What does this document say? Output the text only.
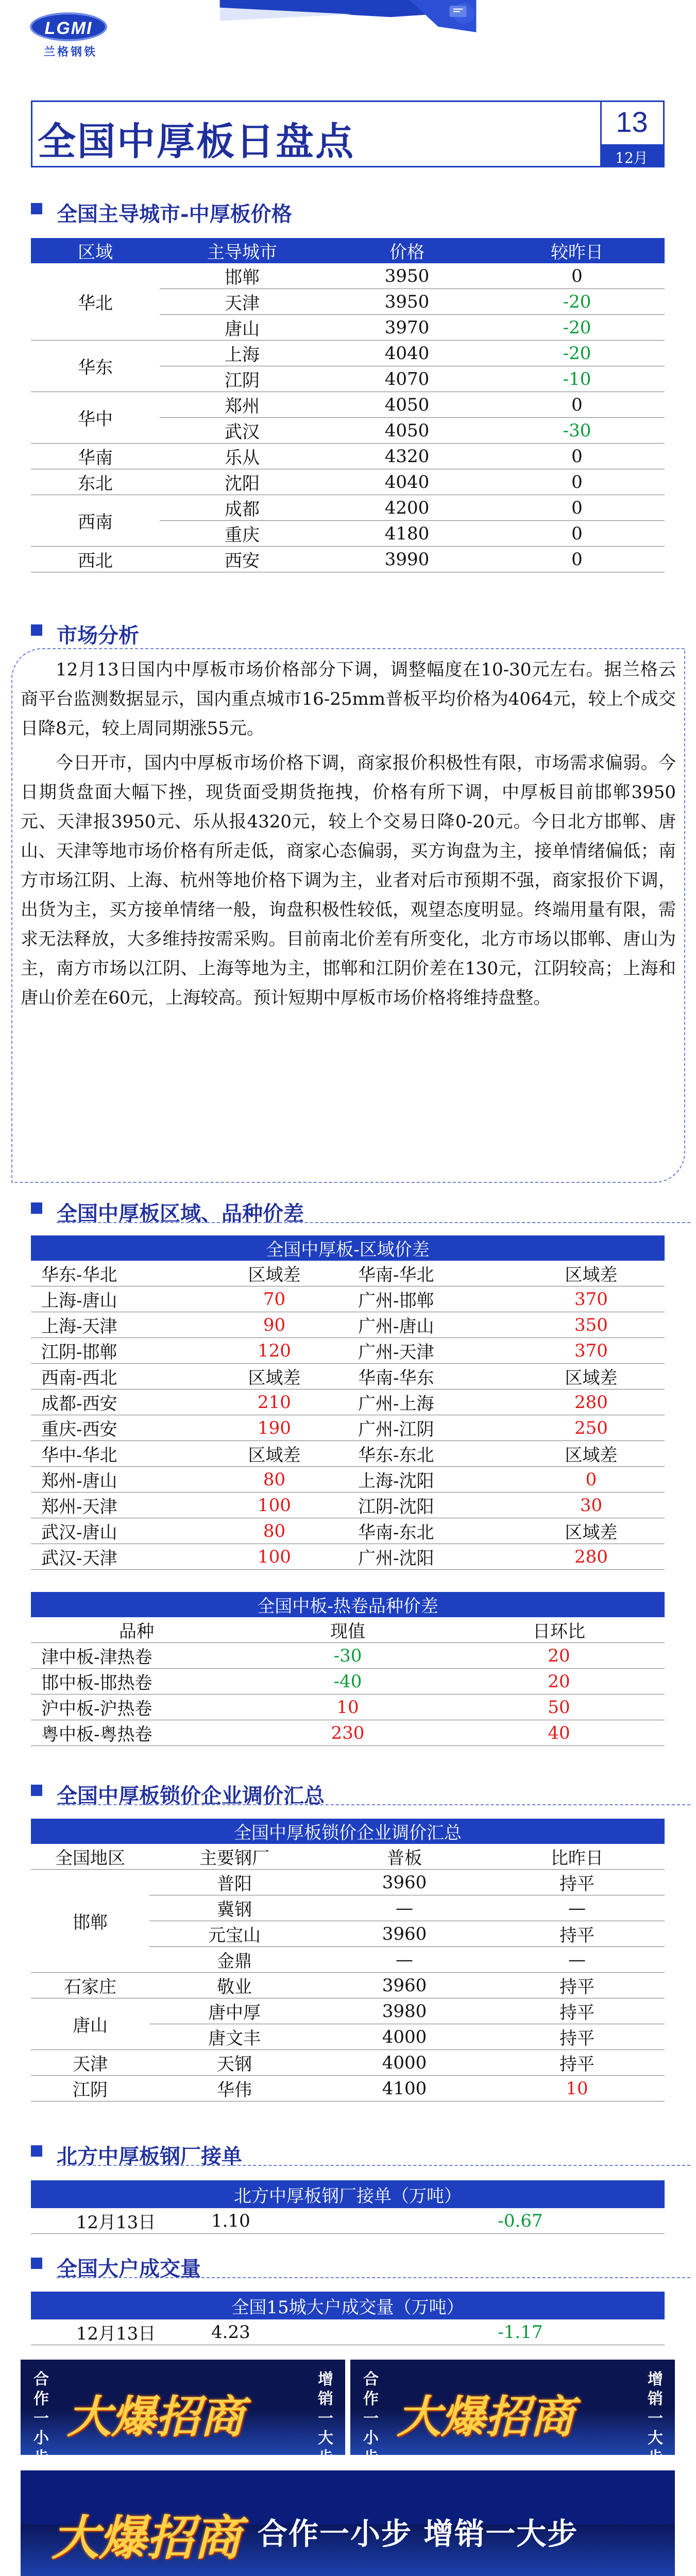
LGMI
兰格钢铁
全国中厚板日盘点	13
12月
全国主导城市-中厚板价格
区域	主导城市	价格	较昨日
华北	邯郸	3950	0
	天津	3950	-20
	唐山	3970	-20
华东	上海	4040	-20
	江阴	4070	-10
华中	郑州	4050	0
	武汉	4050	-30
华南	乐从	4320	0
东北	沈阳	4040	0
西南	成都	4200	0
	重庆	4180	0
西北	西安	3990	0
市场分析

12月13日国内中厚板市场价格部分下调，调整幅度在10-30元左右。据兰格云商平台监测数据显示，国内重点城市16-25mm普板平均价格为4064元，较上个成交日降8元，较上周同期涨55元。

今日开市，国内中厚板市场价格下调，商家报价积极性有限，市场需求偏弱。今日期货盘面大幅下挫，现货面受期货拖拽，价格有所下调，中厚板目前邯郸3950元、天津报3950元、乐从报4320元，较上个交易日降0-20元。今日北方邯郸、唐山、天津等地市场价格有所走低，商家心态偏弱，买方询盘为主，接单情绪偏低；南方市场江阴、上海、杭州等地价格下调为主，业者对后市预期不强，商家报价下调，出货为主，买方接单情绪一般，询盘积极性较低，观望态度明显。终端用量有限，需求无法释放，大多维持按需采购。目前南北价差有所变化，北方市场以邯郸、唐山为主，南方市场以江阴、上海等地为主，邯郸和江阴价差在130元，江阴较高；上海和唐山价差在60元，上海较高。预计短期中厚板市场价格将维持盘整。

全国中厚板区域、品种价差
全国中厚板-区域价差			
华东-华北	区域差	华南-华北	区域差
上海-唐山	70	广州-邯郸	370
上海-天津	90	广州-唐山	350
江阴-邯郸	120	广州-天津	370
西南-西北	区域差	华南-华东	区域差
成都-西安	210	广州-上海	280
重庆-西安	190	广州-江阴	250
华中-华北	区域差	华东-东北	区域差
郑州-唐山	80	上海-沈阳	0
郑州-天津	100	江阴-沈阳	30
武汉-唐山	80	华南-东北	区域差
武汉-天津	100	广州-沈阳	280
全国中板-热卷品种价差		
品种	现值	日环比
津中板-津热卷	-30	20
邯中板-邯热卷	-40	20
沪中板-沪热卷	10	50
粤中板-粤热卷	230	40
全国中厚板锁价企业调价汇总
全国中厚板锁价企业调价汇总			
全国地区	主要钢厂	普板	比昨日
邯郸	普阳	3960	持平
	冀钢	—	—
	元宝山	3960	持平
	金鼎	—	—
石家庄	敬业	3960	持平
唐山	唐中厚	3980	持平
	唐文丰	4000	持平
天津	天钢	4000	持平
江阴	华伟	4100	10
北方中厚板钢厂接单
北方中厚板钢厂接单（万吨）
12月13日	1.10	-0.67
全国大户成交量
全国15城大户成交量（万吨）
12月13日	4.23	-1.17
合作一小步
大爆招商
增销一大步
合作一小步
大爆招商
增销一大步
大爆招商 合作一小步 增销一大步
